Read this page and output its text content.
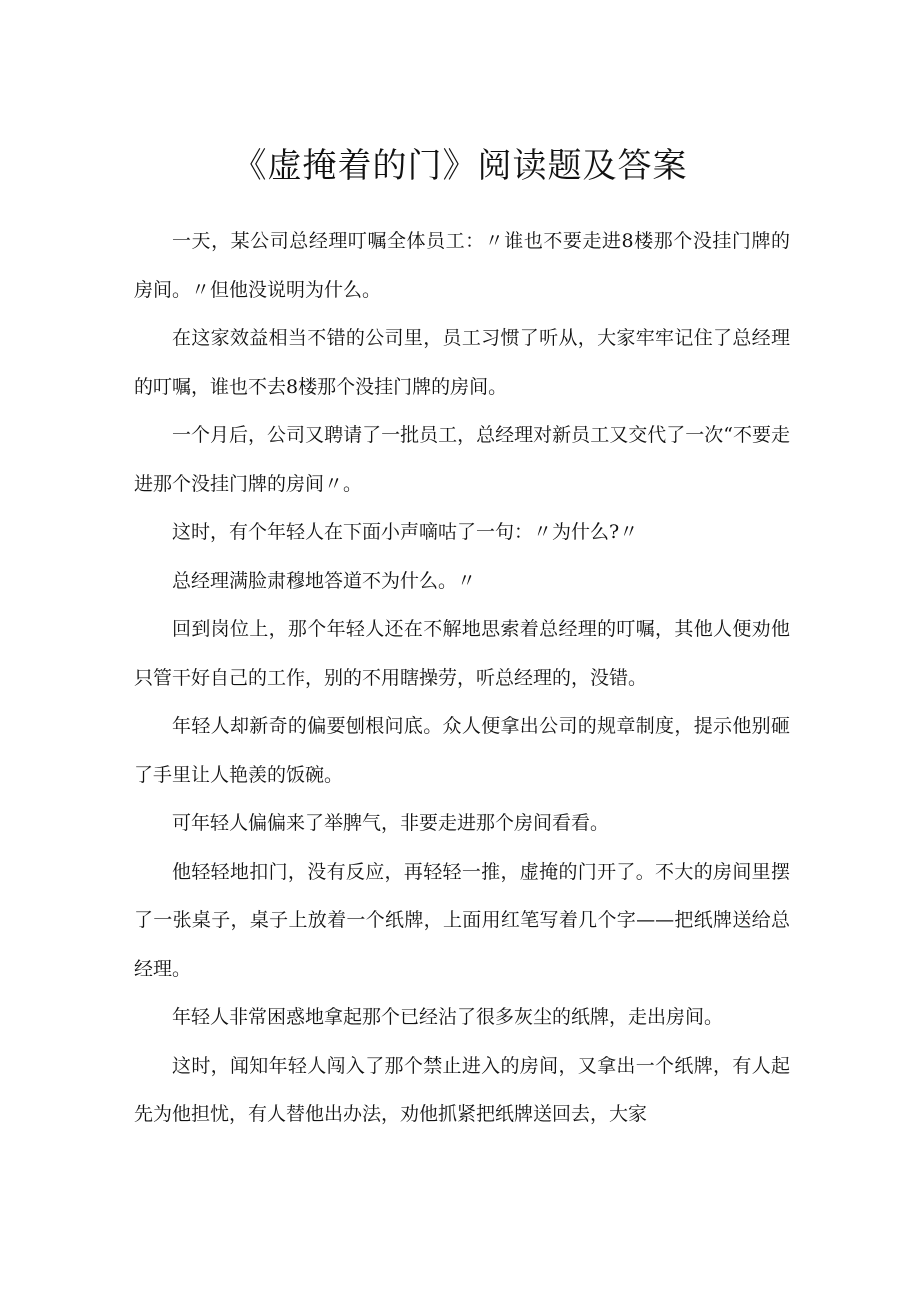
《虚掩着的门》阅读题及答案

一天，某公司总经理叮嘱全体员工：〃谁也不要走进8楼那个没挂门牌的房间。〃但他没说明为什么。

在这家效益相当不错的公司里，员工习惯了听从，大家牢牢记住了总经理的叮嘱，谁也不去8楼那个没挂门牌的房间。

一个月后，公司又聘请了一批员工，总经理对新员工又交代了一次“不要走进那个没挂门牌的房间〃。

这时，有个年轻人在下面小声嘀咕了一句：〃为什么?〃

总经理满脸肃穆地答道不为什么。〃

回到岗位上，那个年轻人还在不解地思索着总经理的叮嘱，其他人便劝他只管干好自己的工作，别的不用瞎操劳，听总经理的，没错。

年轻人却新奇的偏要刨根问底。众人便拿出公司的规章制度，提示他别砸了手里让人艳羡的饭碗。

可年轻人偏偏来了举脾气，非要走进那个房间看看。

他轻轻地扣门，没有反应，再轻轻一推，虚掩的门开了。不大的房间里摆了一张桌子，桌子上放着一个纸牌，上面用红笔写着几个字——把纸牌送给总经理。

年轻人非常困惑地拿起那个已经沾了很多灰尘的纸牌，走出房间。

这时，闻知年轻人闯入了那个禁止进入的房间，又拿出一个纸牌，有人起先为他担忧，有人替他出办法，劝他抓紧把纸牌送回去，大家
